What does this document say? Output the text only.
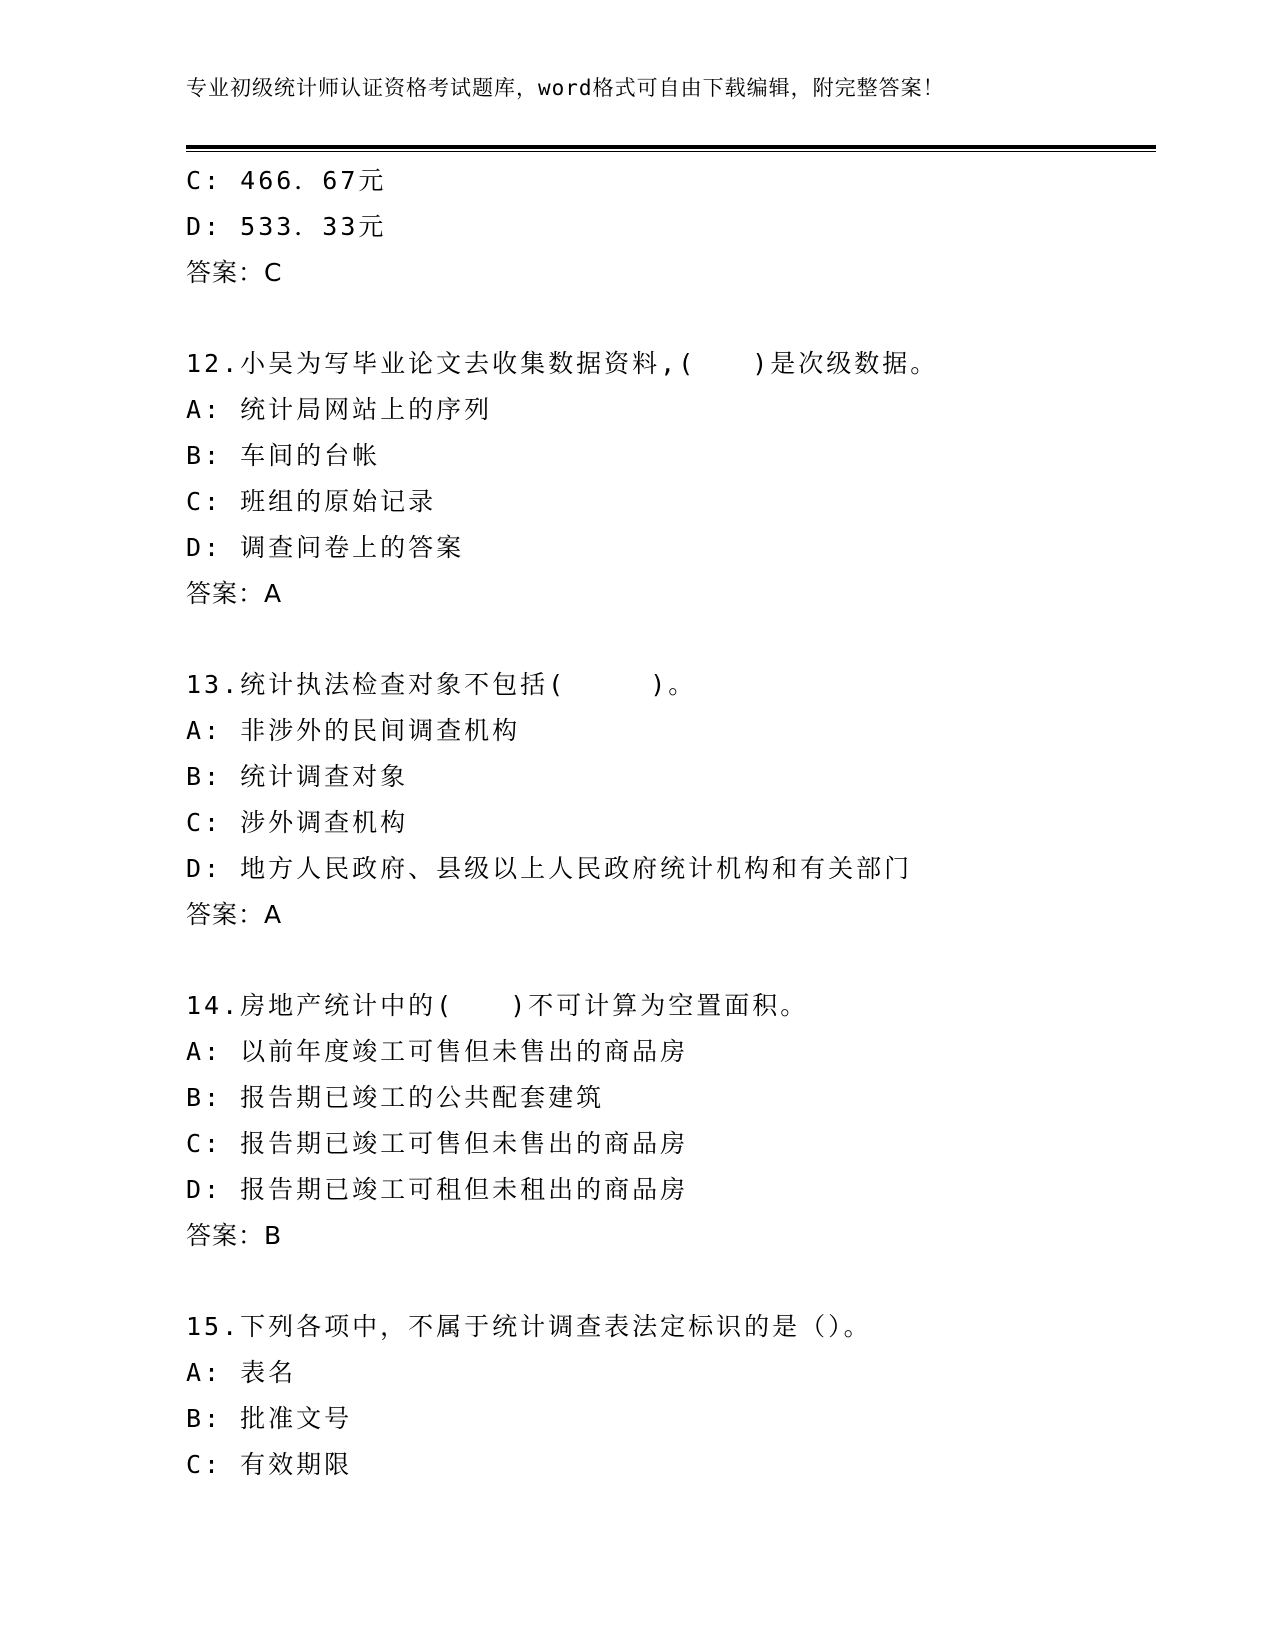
专业初级统计师认证资格考试题库，word格式可自由下载编辑，附完整答案！
C: 466．67元
D: 533．33元
答案：C
12.小吴为写毕业论文去收集数据资料,(　　)是次级数据。
A: 统计局网站上的序列
B: 车间的台帐
C: 班组的原始记录
D: 调查问卷上的答案
答案：A
13.统计执法检查对象不包括(　　　)。
A: 非涉外的民间调查机构
B: 统计调查对象
C: 涉外调查机构
D: 地方人民政府、县级以上人民政府统计机构和有关部门
答案：A
14.房地产统计中的(　　)不可计算为空置面积。
A: 以前年度竣工可售但未售出的商品房
B: 报告期已竣工的公共配套建筑
C: 报告期已竣工可售但未售出的商品房
D: 报告期已竣工可租但未租出的商品房
答案：B
15.下列各项中，不属于统计调查表法定标识的是（）。
A: 表名
B: 批准文号
C: 有效期限
